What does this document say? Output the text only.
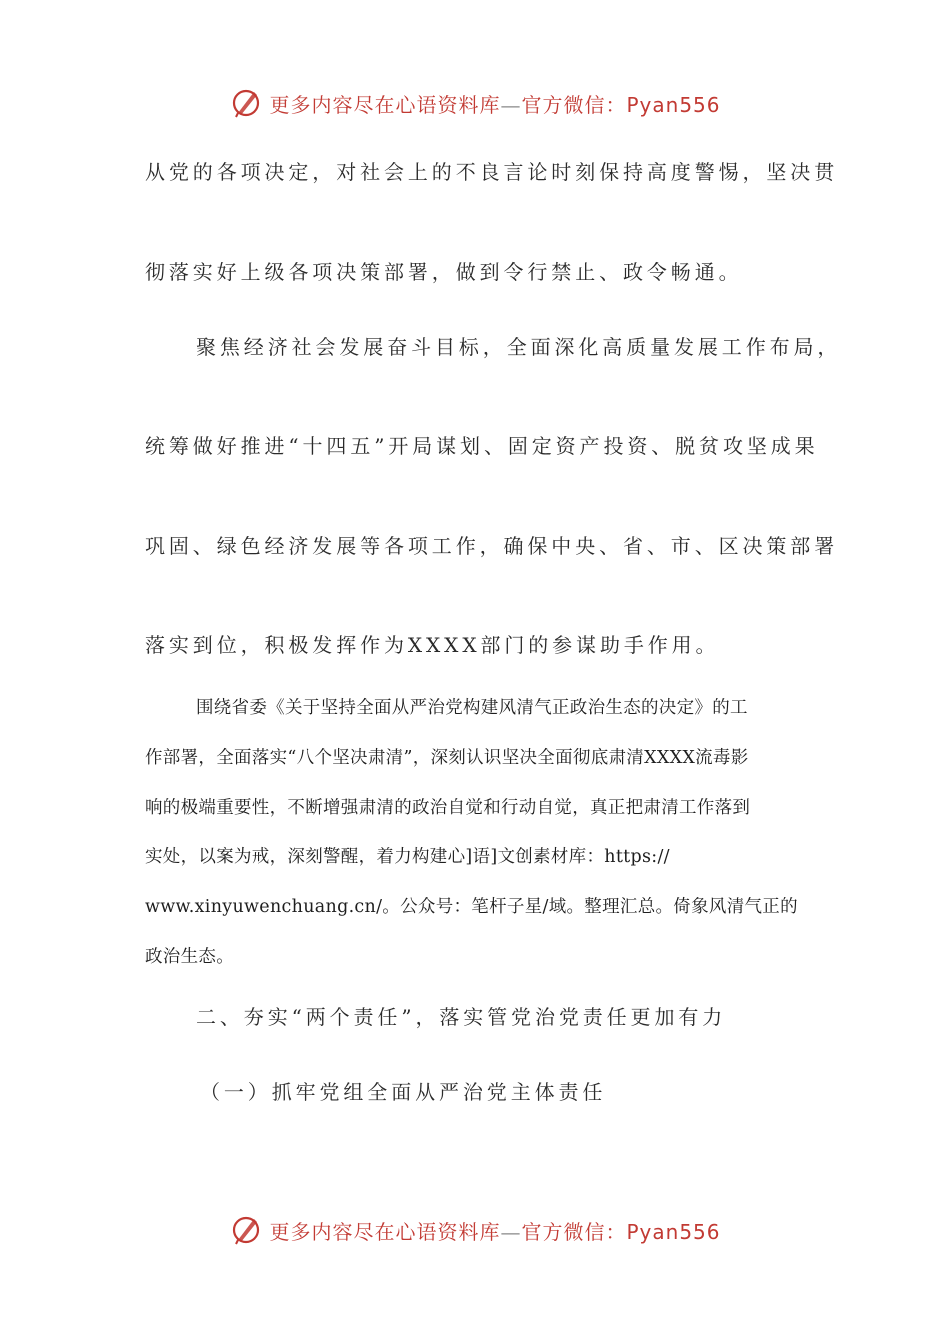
更多内容尽在心语资料库—官方微信：Pyan556
从党的各项决定，对社会上的不良言论时刻保持高度警惕，坚决贯
彻落实好上级各项决策部署，做到令行禁止、政令畅通。
聚焦经济社会发展奋斗目标，全面深化高质量发展工作布局，
统筹做好推进“十四五”开局谋划、固定资产投资、脱贫攻坚成果
巩固、绿色经济发展等各项工作，确保中央、省、市、区决策部署
落实到位，积极发挥作为XXXX部门的参谋助手作用。
围绕省委《关于坚持全面从严治党构建风清气正政治生态的决定》的工
作部署，全面落实“八个坚决肃清”，深刻认识坚决全面彻底肃清XXXX流毒影
响的极端重要性，不断增强肃清的政治自觉和行动自觉，真正把肃清工作落到
实处，以案为戒，深刻警醒，着力构建心]语]文创素材库：https://
www.xinyuwenchuang.cn/。公众号：笔杆子星/域。整理汇总。倚象风清气正的
政治生态。
二、夯实“两个责任”，落实管党治党责任更加有力
（一）抓牢党组全面从严治党主体责任
更多内容尽在心语资料库—官方微信：Pyan556
